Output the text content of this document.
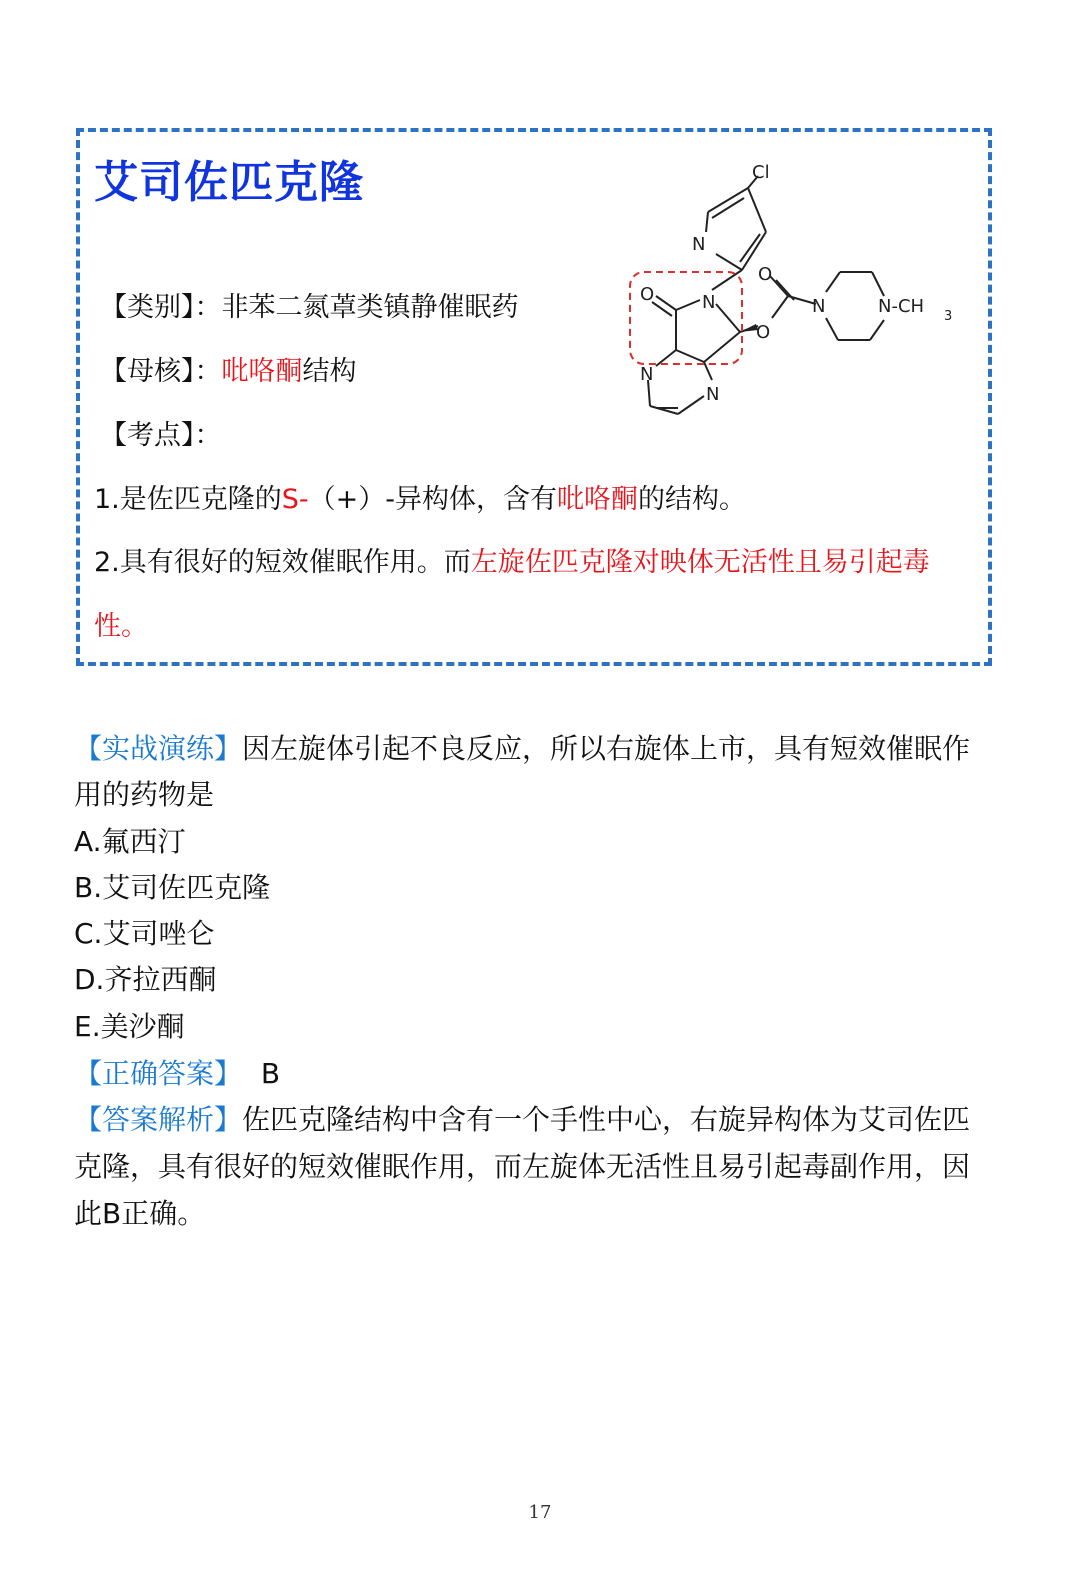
艾司佐匹克隆
【类别】：非苯二氮䓬类镇静催眠药
【母核】：吡咯酮结构
【考点】：
1.是佐匹克隆的S-（+）-异构体，含有吡咯酮的结构。
2.具有很好的短效催眠作用。而左旋佐匹克隆对映体无活性且易引起毒
性。
Cl
N
O
N
O
O
N	N-CH 3
N
N
【实战演练】因左旋体引起不良反应，所以右旋体上市，具有短效催眠作
用的药物是
A.氟西汀
B.艾司佐匹克隆
C.艾司唑仑
D.齐拉西酮
E.美沙酮
【正确答案】 B
【答案解析】佐匹克隆结构中含有一个手性中心，右旋异构体为艾司佐匹
克隆，具有很好的短效催眠作用，而左旋体无活性且易引起毒副作用，因
此B正确。
17
